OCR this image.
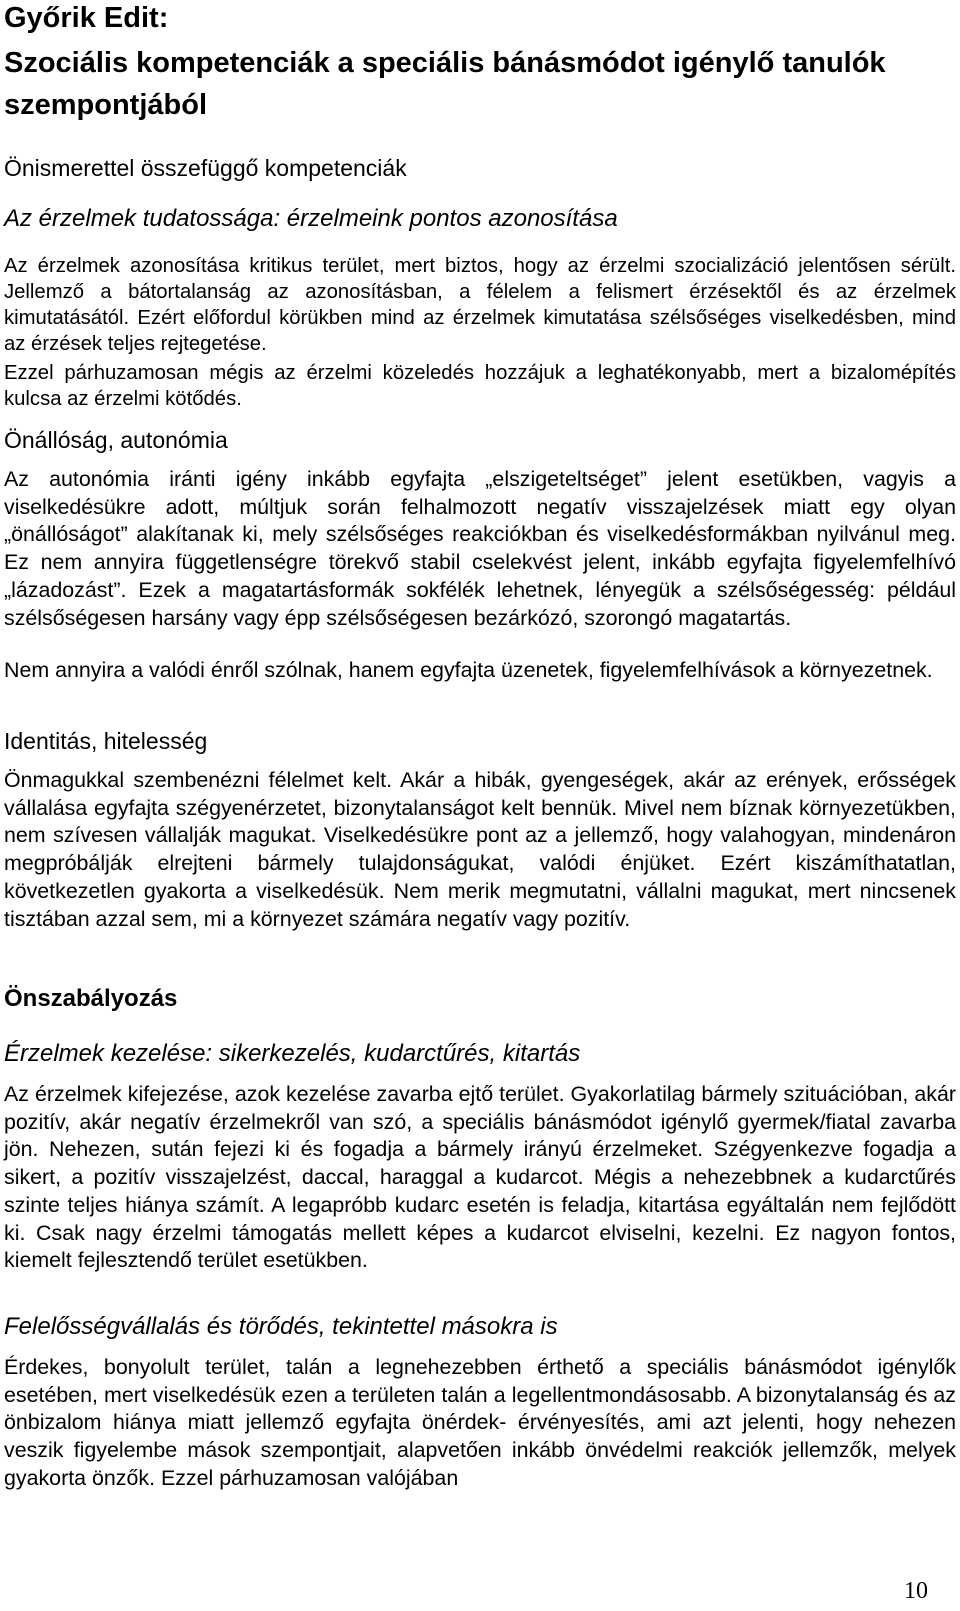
Győrik Edit:
Szociális kompetenciák a speciális bánásmódot igénylő tanulók szempontjából
Önismerettel összefüggő kompetenciák
Az érzelmek tudatossága: érzelmeink pontos azonosítása

Az érzelmek azonosítása kritikus terület, mert biztos, hogy az érzelmi szocializáció jelentősen sérült. Jellemző a bátortalanság az azonosításban, a félelem a felismert érzésektől és az érzelmek kimutatásától. Ezért előfordul körükben mind az érzelmek kimutatása szélsőséges viselkedésben, mind az érzések teljes rejtegetése.

Ezzel párhuzamosan mégis az érzelmi közeledés hozzájuk a leghatékonyabb, mert a bizalomépítés kulcsa az érzelmi kötődés.

Önállóság, autonómia

Az autonómia iránti igény inkább egyfajta „elszigeteltséget” jelent esetükben, vagyis a viselkedésükre adott, múltjuk során felhalmozott negatív visszajelzések miatt egy olyan „önállóságot” alakítanak ki, mely szélsőséges reakciókban és viselkedésformákban nyilvánul meg. Ez nem annyira függetlenségre törekvő stabil cselekvést jelent, inkább egyfajta figyelemfelhívó „lázadozást”. Ezek a magatartásformák sokfélék lehetnek, lényegük a szélsőségesség: például szélsőségesen harsány vagy épp szélsőségesen bezárkózó, szorongó magatartás.

Nem annyira a valódi énről szólnak, hanem egyfajta üzenetek, figyelemfelhívások a környezetnek.

Identitás, hitelesség

Önmagukkal szembenézni félelmet kelt. Akár a hibák, gyengeségek, akár az erények, erősségek vállalása egyfajta szégyenérzetet, bizonytalanságot kelt bennük. Mivel nem bíznak környezetükben, nem szívesen vállalják magukat. Viselkedésükre pont az a jellemző, hogy valahogyan, mindenáron megpróbálják elrejteni bármely tulajdonságukat, valódi énjüket. Ezért kiszámíthatatlan, következetlen gyakorta a viselkedésük. Nem merik megmutatni, vállalni magukat, mert nincsenek tisztában azzal sem, mi a környezet számára negatív vagy pozitív.

Önszabályozás
Érzelmek kezelése: sikerkezelés, kudarctűrés, kitartás

Az érzelmek kifejezése, azok kezelése zavarba ejtő terület. Gyakorlatilag bármely szituációban, akár pozitív, akár negatív érzelmekről van szó, a speciális bánásmódot igénylő gyermek/fiatal zavarba jön. Nehezen, sután fejezi ki és fogadja a bármely irányú érzelmeket. Szégyenkezve fogadja a sikert, a pozitív visszajelzést, daccal, haraggal a kudarcot. Mégis a nehezebbnek a kudarctűrés szinte teljes hiánya számít. A legapróbb kudarc esetén is feladja, kitartása egyáltalán nem fejlődött ki. Csak nagy érzelmi támogatás mellett képes a kudarcot elviselni, kezelni. Ez nagyon fontos, kiemelt fejlesztendő terület esetükben.

Felelősségvállalás és törődés, tekintettel másokra is

Érdekes, bonyolult terület, talán a legnehezebben érthető a speciális bánásmódot igénylők esetében, mert viselkedésük ezen a területen talán a legellentmondásosabb. A bizonytalanság és az önbizalom hiánya miatt jellemző egyfajta önérdek- érvényesítés, ami azt jelenti, hogy nehezen veszik figyelembe mások szempontjait, alapvetően inkább önvédelmi reakciók jellemzők, melyek gyakorta önzők. Ezzel párhuzamosan valójában

10
